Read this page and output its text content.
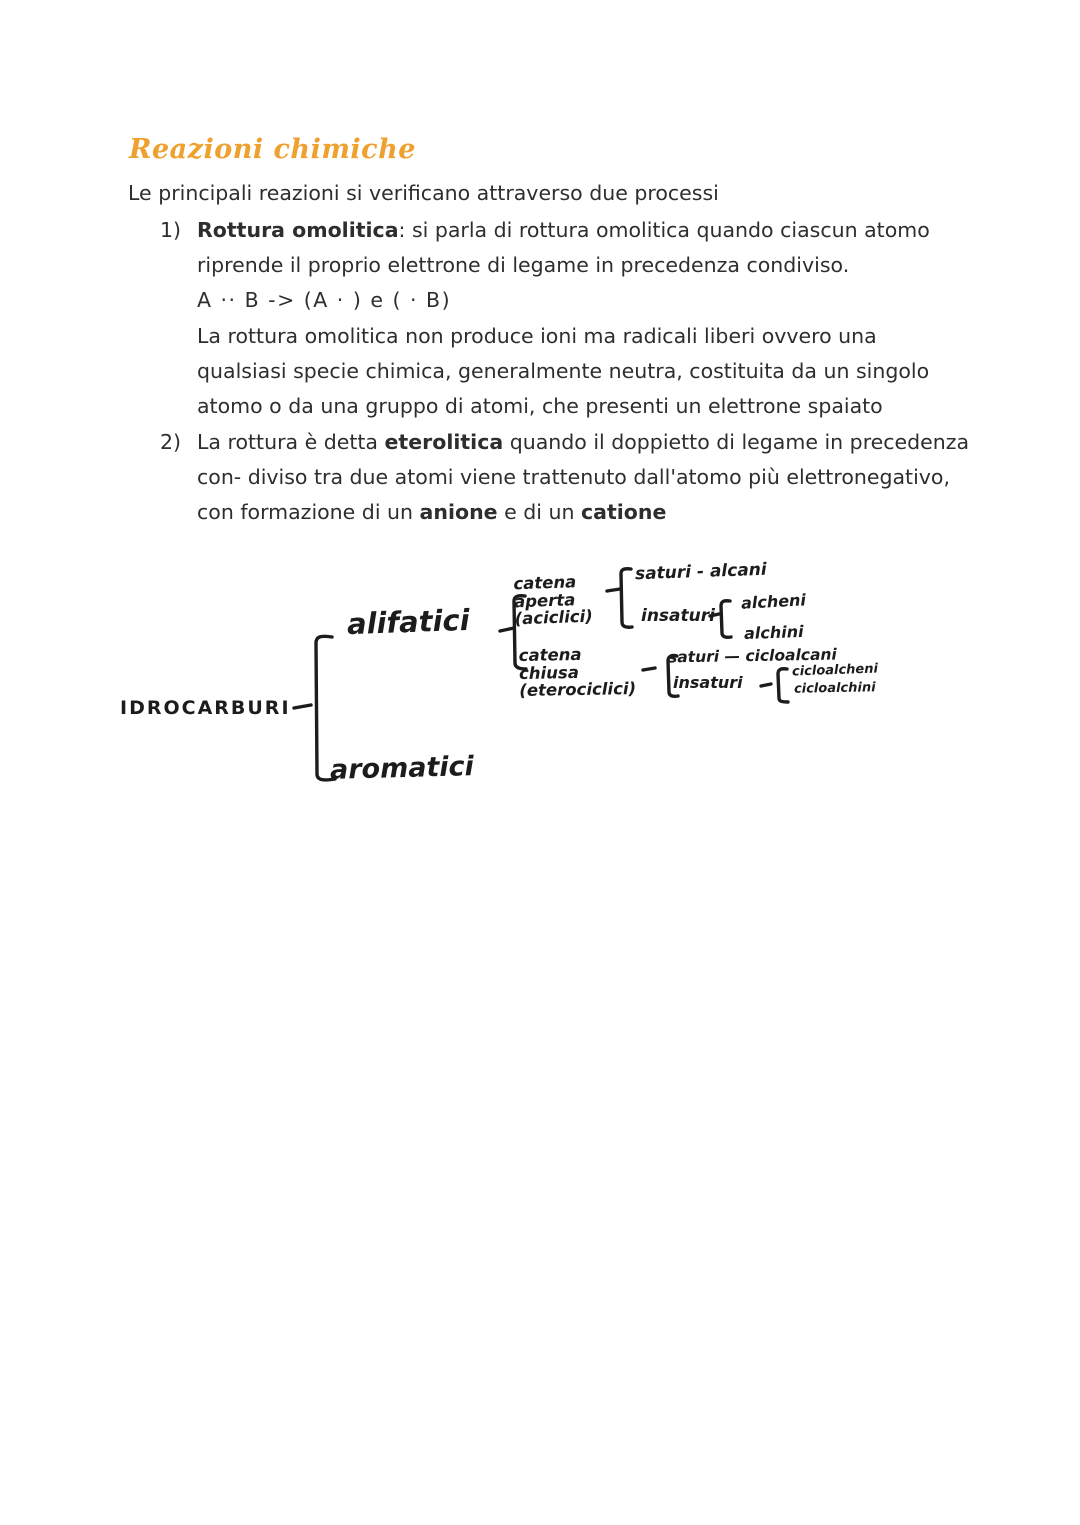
Reazioni chimiche
Le principali reazioni si verificano attraverso due processi
1) Rottura omolitica: si parla di rottura omolitica quando ciascun atomo
riprende il proprio elettrone di legame in precedenza condiviso.
A ·· B -> (A · ) e ( · B)
La rottura omolitica non produce ioni ma radicali liberi ovvero una
qualsiasi specie chimica, generalmente neutra, costituita da un singolo
atomo o da una gruppo di atomi, che presenti un elettrone spaiato
2) La rottura è detta eterolitica quando il doppietto di legame in precedenza
con- diviso tra due atomi viene trattenuto dall'atomo più elettronegativo,
con formazione di un anione e di un catione
IDROCARBURI
alifatici
aromatici
catena
aperta
(aciclici)
catena
chiusa
(eterociclici)
saturi - alcani
insaturi
alcheni
alchini
saturi — cicloalcani
insaturi
cicloalcheni
cicloalchini
